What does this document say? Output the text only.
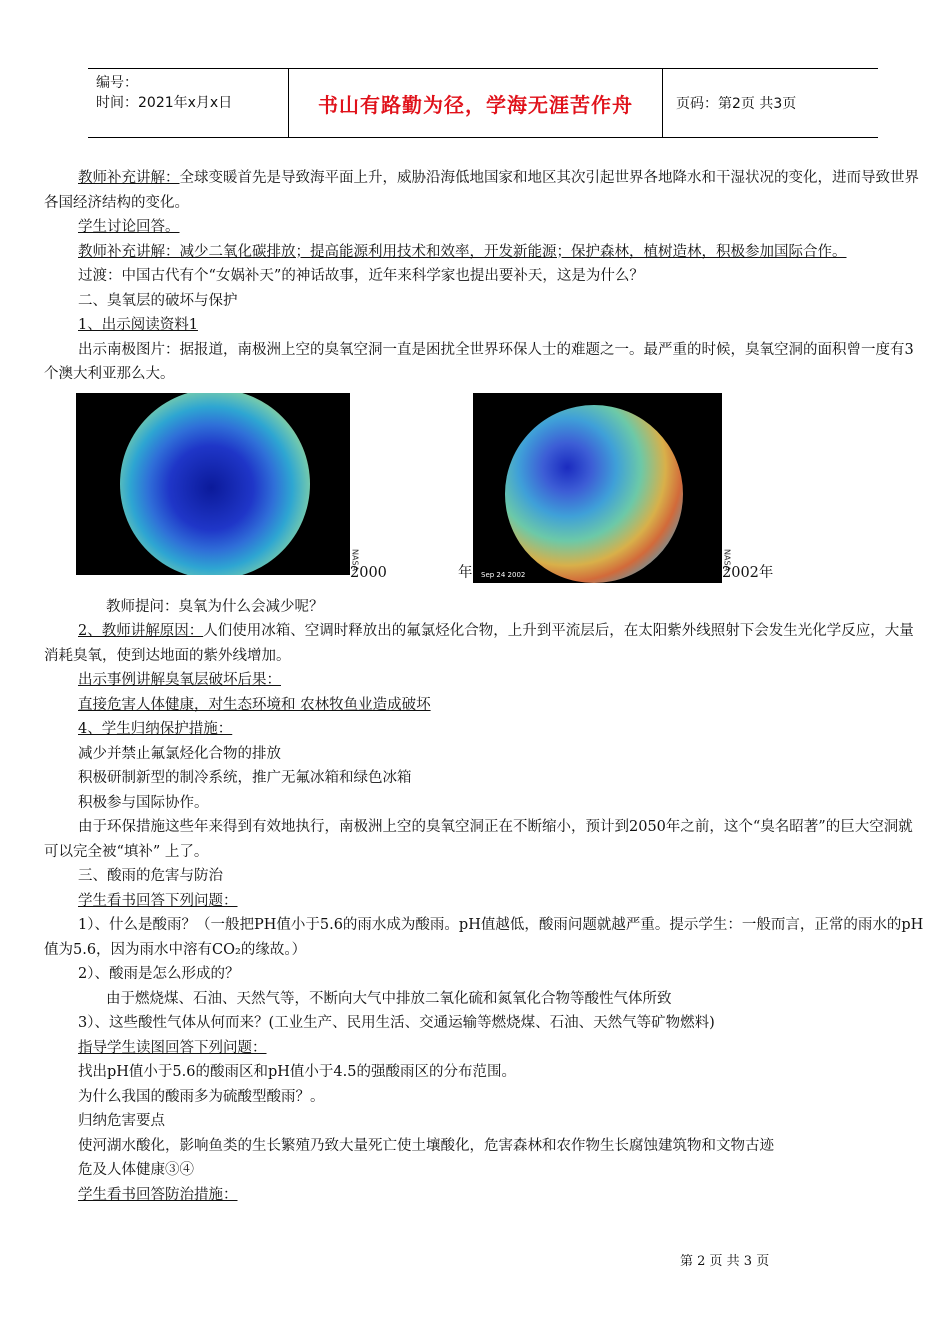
编号：
时间：2021年x月x日	书山有路勤为径，学海无涯苦作舟	页码：第2页 共3页

教师补充讲解：全球变暖首先是导致海平面上升，威胁沿海低地国家和地区其次引起世界各地降水和干湿状况的变化，进而导致世界各国经济结构的变化。

学生讨论回答。

教师补充讲解：减少二氧化碳排放；提高能源利用技术和效率，开发新能源；保护森林，植树造林，积极参加国际合作。

过渡：中国古代有个“女娲补天”的神话故事，近年来科学家也提出要补天，这是为什么？

二、臭氧层的破坏与保护

1、出示阅读资料1

出示南极图片：据报道，南极洲上空的臭氧空洞一直是困扰全世界环保人士的难题之一。最严重的时候，臭氧空洞的面积曾一度有3个澳大利亚那么大。

NASA
2000	年 Sep 24 2002
NASA
2002年

教师提问：臭氧为什么会减少呢？

2、教师讲解原因：人们使用冰箱、空调时释放出的氟氯烃化合物，上升到平流层后，在太阳紫外线照射下会发生光化学反应，大量消耗臭氧，使到达地面的紫外线增加。

出示事例讲解臭氧层破坏后果：

直接危害人体健康，对生态环境和 农林牧鱼业造成破坏

4、学生归纳保护措施：

减少并禁止氟氯烃化合物的排放

积极研制新型的制冷系统，推广无氟冰箱和绿色冰箱

积极参与国际协作。

由于环保措施这些年来得到有效地执行，南极洲上空的臭氧空洞正在不断缩小，预计到2050年之前，这个“臭名昭著”的巨大空洞就可以完全被“填补” 上了。

三、酸雨的危害与防治

学生看书回答下列问题：

1）、什么是酸雨？（一般把PH值小于5.6的雨水成为酸雨。pH值越低，酸雨问题就越严重。提示学生：一般而言，正常的雨水的pH值为5.6，因为雨水中溶有CO₂的缘故。）

2）、酸雨是怎么形成的？

由于燃烧煤、石油、天然气等，不断向大气中排放二氧化硫和氮氧化合物等酸性气体所致

3）、这些酸性气体从何而来？(工业生产、民用生活、交通运输等燃烧煤、石油、天然气等矿物燃料)

指导学生读图回答下列问题：

找出pH值小于5.6的酸雨区和pH值小于4.5的强酸雨区的分布范围。

为什么我国的酸雨多为硫酸型酸雨？。

归纳危害要点

使河湖水酸化，影响鱼类的生长繁殖乃致大量死亡使土壤酸化，危害森林和农作物生长腐蚀建筑物和文物古迹

危及人体健康③④

学生看书回答防治措施：

第 2 页 共 3 页
